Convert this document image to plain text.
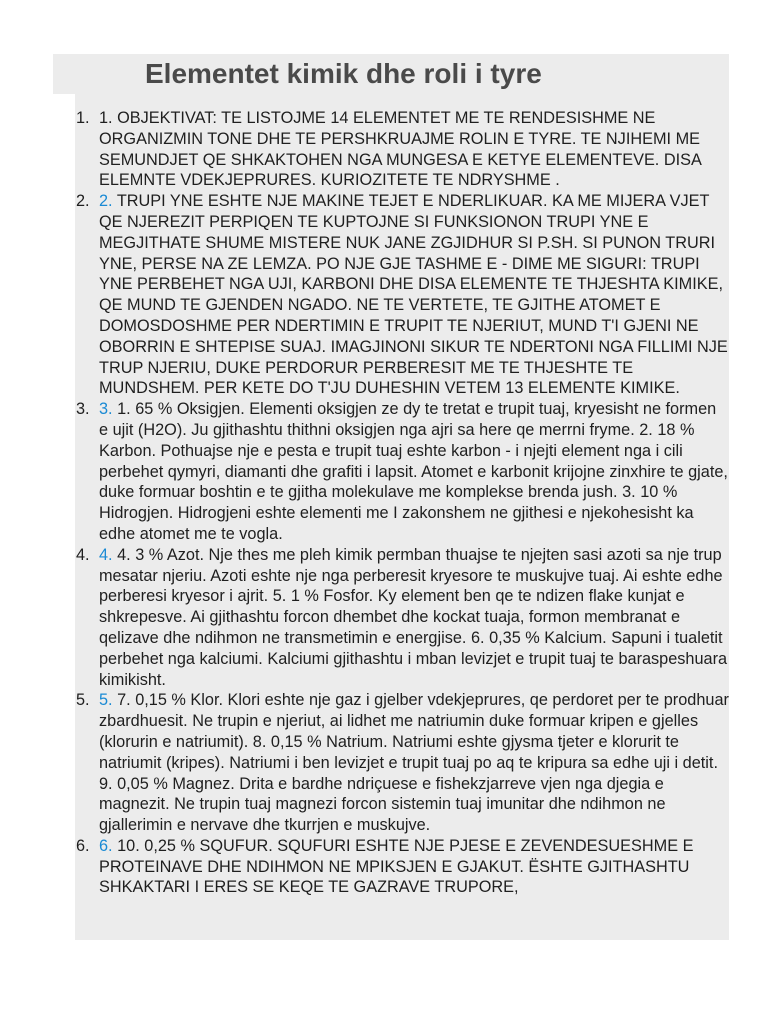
Elementet kimik dhe roli i tyre
1. 1. OBJEKTIVAT: TE LISTOJME 14 ELEMENTET ME TE RENDESISHME NE ORGANIZMIN TONE DHE TE PERSHKRUAJME ROLIN E TYRE. TE NJIHEMI ME SEMUNDJET QE SHKAKTOHEN NGA MUNGESA E KETYE ELEMENTEVE. DISA ELEMNTE VDEKJEPRURES. KURIOZITETE TE NDRYSHME .
2. 2. TRUPI YNE ESHTE NJE MAKINE TEJET E NDERLIKUAR. KA ME MIJERA VJET QE NJEREZIT PERPIQEN TE KUPTOJNE SI FUNKSIONON TRUPI YNE E MEGJITHATE SHUME MISTERE NUK JANE ZGJIDHUR SI P.SH. SI PUNON TRURI YNE, PERSE NA ZE LEMZA. PO NJE GJE TASHME E - DIME ME SIGURI: TRUPI YNE PERBEHET NGA UJI, KARBONI DHE DISA ELEMENTE TE THJESHTA KIMIKE, QE MUND TE GJENDEN NGADO. NE TE VERTETE, TE GJITHE ATOMET E DOMOSDOSHME PER NDERTIMIN E TRUPIT TE NJERIUT, MUND T'I GJENI NE OBORRIN E SHTEPISE SUAJ. IMAGJINONI SIKUR TE NDERTONI NGA FILLIMI NJE TRUP NJERIU, DUKE PERDORUR PERBERESIT ME TE THJESHTE TE MUNDSHEM. PER KETE DO T'JU DUHESHIN VETEM 13 ELEMENTE KIMIKE.
3. 3. 1. 65 % Oksigjen. Elementi oksigjen ze dy te tretat e trupit tuaj, kryesisht ne formen e ujit (H2O). Ju gjithashtu thithni oksigjen nga ajri sa here qe merrni fryme. 2. 18 % Karbon. Pothuajse nje e pesta e trupit tuaj eshte karbon - i njejti element nga i cili perbehet qymyri, diamanti dhe grafiti i lapsit. Atomet e karbonit krijojne zinxhire te gjate, duke formuar boshtin e te gjitha molekulave me komplekse brenda jush. 3. 10 % Hidrogjen. Hidrogjeni eshte elementi me I zakonshem ne gjithesi e njekohesisht ka edhe atomet me te vogla.
4. 4. 4. 3 % Azot. Nje thes me pleh kimik permban thuajse te njejten sasi azoti sa nje trup mesatar njeriu. Azoti eshte nje nga perberesit kryesore te muskujve tuaj. Ai eshte edhe perberesi kryesor i ajrit. 5. 1 % Fosfor. Ky element ben qe te ndizen flake kunjat e shkrepesve. Ai gjithashtu forcon dhembet dhe kockat tuaja, formon membranat e qelizave dhe ndihmon ne transmetimin e energjise. 6. 0,35 % Kalcium. Sapuni i tualetit perbehet nga kalciumi. Kalciumi gjithashtu i mban levizjet e trupit tuaj te baraspeshuara kimikisht.
5. 5. 7. 0,15 % Klor. Klori eshte nje gaz i gjelber vdekjeprures, qe perdoret per te prodhuar zbardhuesit. Ne trupin e njeriut, ai lidhet me natriumin duke formuar kripen e gjelles (klorurin e natriumit). 8. 0,15 % Natrium. Natriumi eshte gjysma tjeter e klorurit te natriumit (kripes). Natriumi i ben levizjet e trupit tuaj po aq te kripura sa edhe uji i detit. 9. 0,05 % Magnez. Drita e bardhe ndriçuese e fishekzjarreve vjen nga djegia e magnezit. Ne trupin tuaj magnezi forcon sistemin tuaj imunitar dhe ndihmon ne gjallerimin e nervave dhe tkurrjen e muskujve.
6. 6. 10. 0,25 % SQUFUR. SQUFURI ESHTE NJE PJESE E ZEVENDESUESHME E PROTEINAVE DHE NDIHMON NE MPIKSJEN E GJAKUT. ËSHTE GJITHASHTU SHKAKTARI I ERES SE KEQE TE GAZRAVE TRUPORE,
